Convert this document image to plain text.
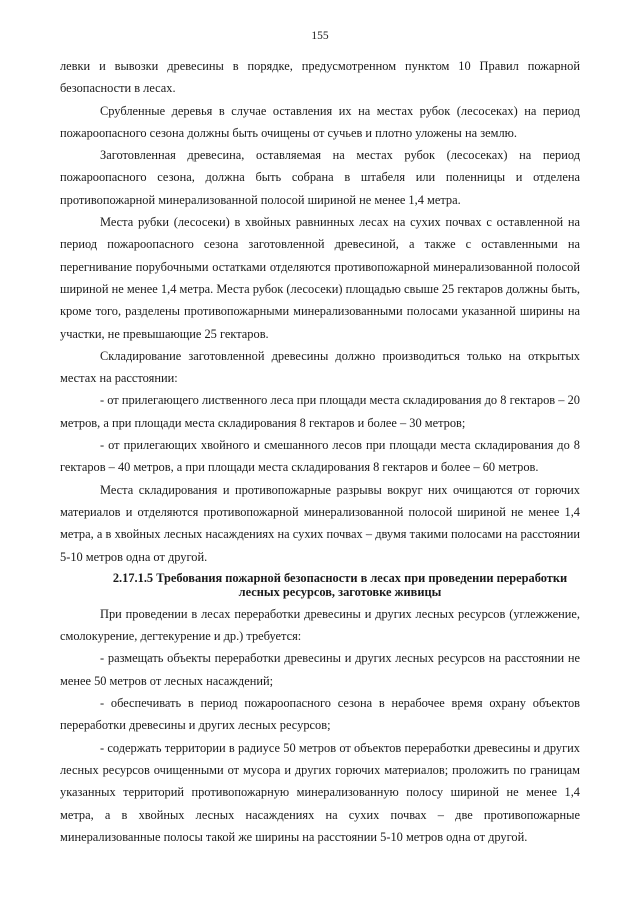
155

левки и вывозки древесины в порядке, предусмотренном пунктом 10 Правил пожарной безопасности в лесах.

Срубленные деревья в случае оставления их на местах рубок (лесосеках) на период пожароопасного сезона должны быть очищены от сучьев и плотно уложены на землю.

Заготовленная древесина, оставляемая на местах рубок (лесосеках) на период пожароопасного сезона, должна быть собрана в штабеля или поленницы и отделена противопожарной минерализованной полосой шириной не менее 1,4 метра.

Места рубки (лесосеки) в хвойных равнинных лесах на сухих почвах с оставленной на период пожароопасного сезона заготовленной древесиной, а также с оставленными на перегнивание порубочными остатками отделяются противопожарной минерализованной полосой шириной не менее 1,4 метра. Места рубок (лесосеки) площадью свыше 25 гектаров должны быть, кроме того, разделены противопожарными минерализованными полосами указанной ширины на участки, не превышающие 25 гектаров.

Складирование заготовленной древесины должно производиться только на открытых местах на расстоянии:

- от прилегающего лиственного леса при площади места складирования до 8 гектаров – 20 метров, а при площади места складирования 8 гектаров и более – 30 метров;

- от прилегающих хвойного и смешанного лесов при площади места складирования до 8 гектаров – 40 метров, а при площади места складирования 8 гектаров и более – 60 метров.

Места складирования и противопожарные разрывы вокруг них очищаются от горючих материалов и отделяются противопожарной минерализованной полосой шириной не менее 1,4 метра, а в хвойных лесных насаждениях на сухих почвах – двумя такими полосами на расстоянии 5-10 метров одна от другой.

2.17.1.5 Требования пожарной безопасности в лесах при проведении переработки лесных ресурсов, заготовке живицы

При проведении в лесах переработки древесины и других лесных ресурсов (углежжение, смолокурение, дегтекурение и др.) требуется:

- размещать объекты переработки древесины и других лесных ресурсов на расстоянии не менее 50 метров от лесных насаждений;

- обеспечивать в период пожароопасного сезона в нерабочее время охрану объектов переработки древесины и других лесных ресурсов;

- содержать территории в радиусе 50 метров от объектов переработки древесины и других лесных ресурсов очищенными от мусора и других горючих материалов; проложить по границам указанных территорий противопожарную минерализованную полосу шириной не менее 1,4 метра, а в хвойных лесных насаждениях на сухих почвах – две противопожарные минерализованные полосы такой же ширины на расстоянии 5-10 метров одна от другой.
